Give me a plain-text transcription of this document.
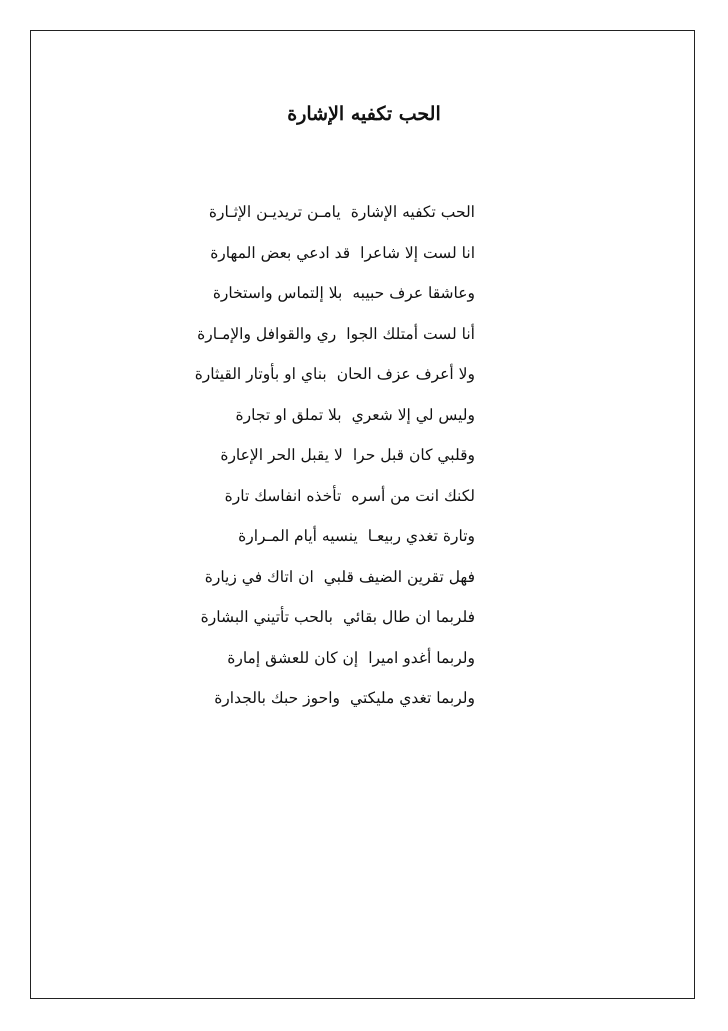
الحب تكفيه الإشارة
الحب تكفيه الإشارة
يامـن تريديـن الإثـارة
انا لست إلا شاعرا
قد ادعي بعض المهارة
وعاشقا عرف حبيبه
بلا إلتماس واستخارة
أنا لست أمتلك الجوا
ري والقوافل والإمـارة
ولا أعرف عزف الحان
بناي او بأوتار القيثارة
وليس لي إلا شعري
بلا تملق او تجارة
وقلبي كان قبل حرا
لا يقبل الحر الإعارة
لكنك انت من أسره
تأخذه انفاسك تارة
وتارة تغدي ربيعـا
ينسيه أيام المـرارة
فهل تقرين الضيف قلبي
ان اتاك في زيارة
فلربما ان طال بقائي
بالحب تأتيني البشارة
ولربما أغدو اميرا
إن كان للعشق إمارة
ولربما تغدي مليكتي
واحوز حبك بالجدارة
